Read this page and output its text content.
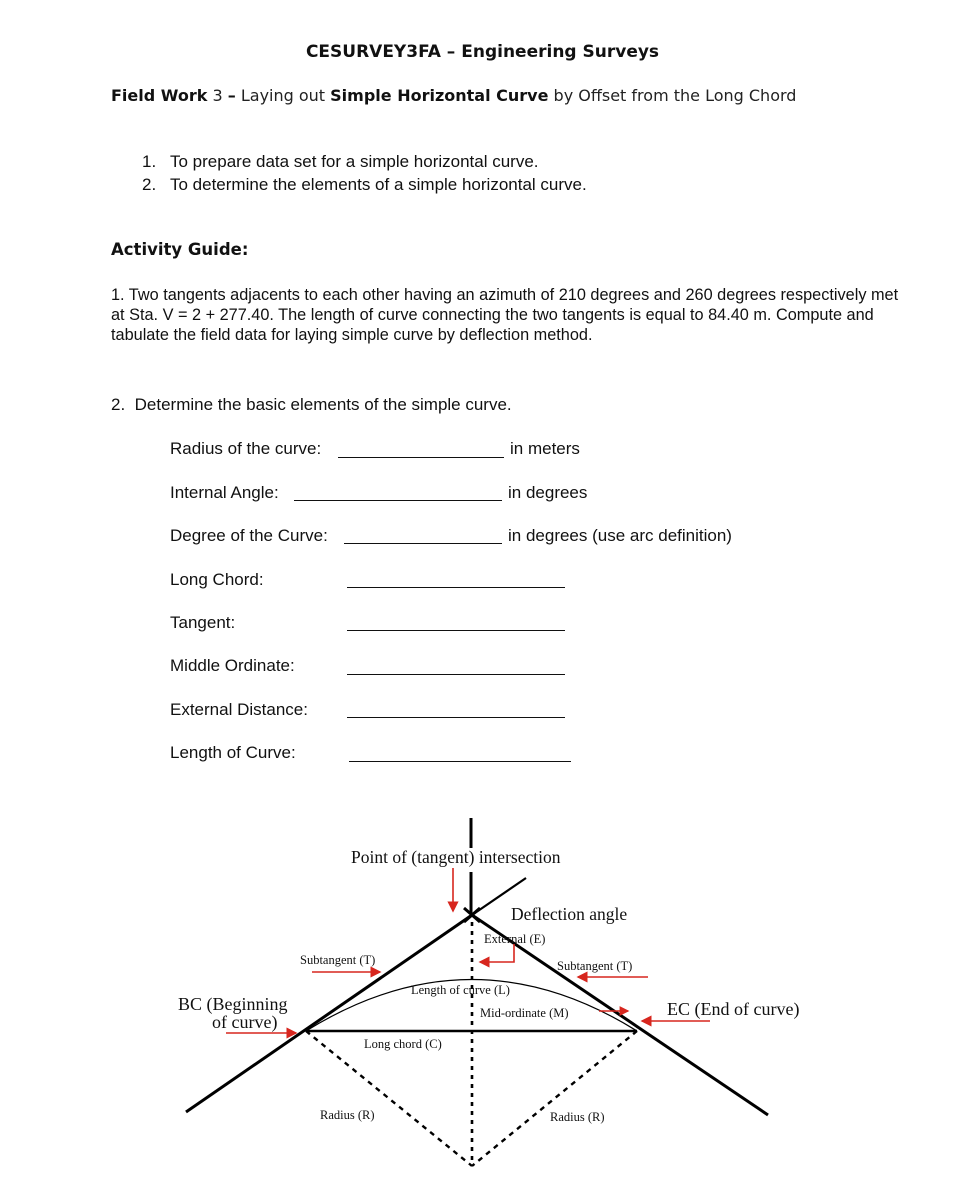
CESURVEY3FA – Engineering Surveys
Field Work 3 – Laying out Simple Horizontal Curve by Offset from the Long Chord
1. To prepare data set for a simple horizontal curve.
2. To determine the elements of a simple horizontal curve.
Activity Guide:
1. Two tangents adjacents to each other having an azimuth of 210 degrees and 260 degrees respectively met at Sta. V = 2 + 277.40. The length of curve connecting the two tangents is equal to 84.40 m. Compute and tabulate the field data for laying simple curve by deflection method.
2. Determine the basic elements of the simple curve.
Radius of the curve:	in meters
Internal Angle:	in degrees
Degree of the Curve:	in degrees (use arc definition)
Long Chord:
Tangent:
Middle Ordinate:
External Distance:
Length of Curve:
Point of (tangent) intersection
Deflection angle
External (E)
Subtangent (T)	Subtangent (T)
Length of curve (L)
Mid-ordinate (M)
BC (Beginning
of curve)
EC (End of curve)
Long chord (C)
Radius (R)	Radius (R)
